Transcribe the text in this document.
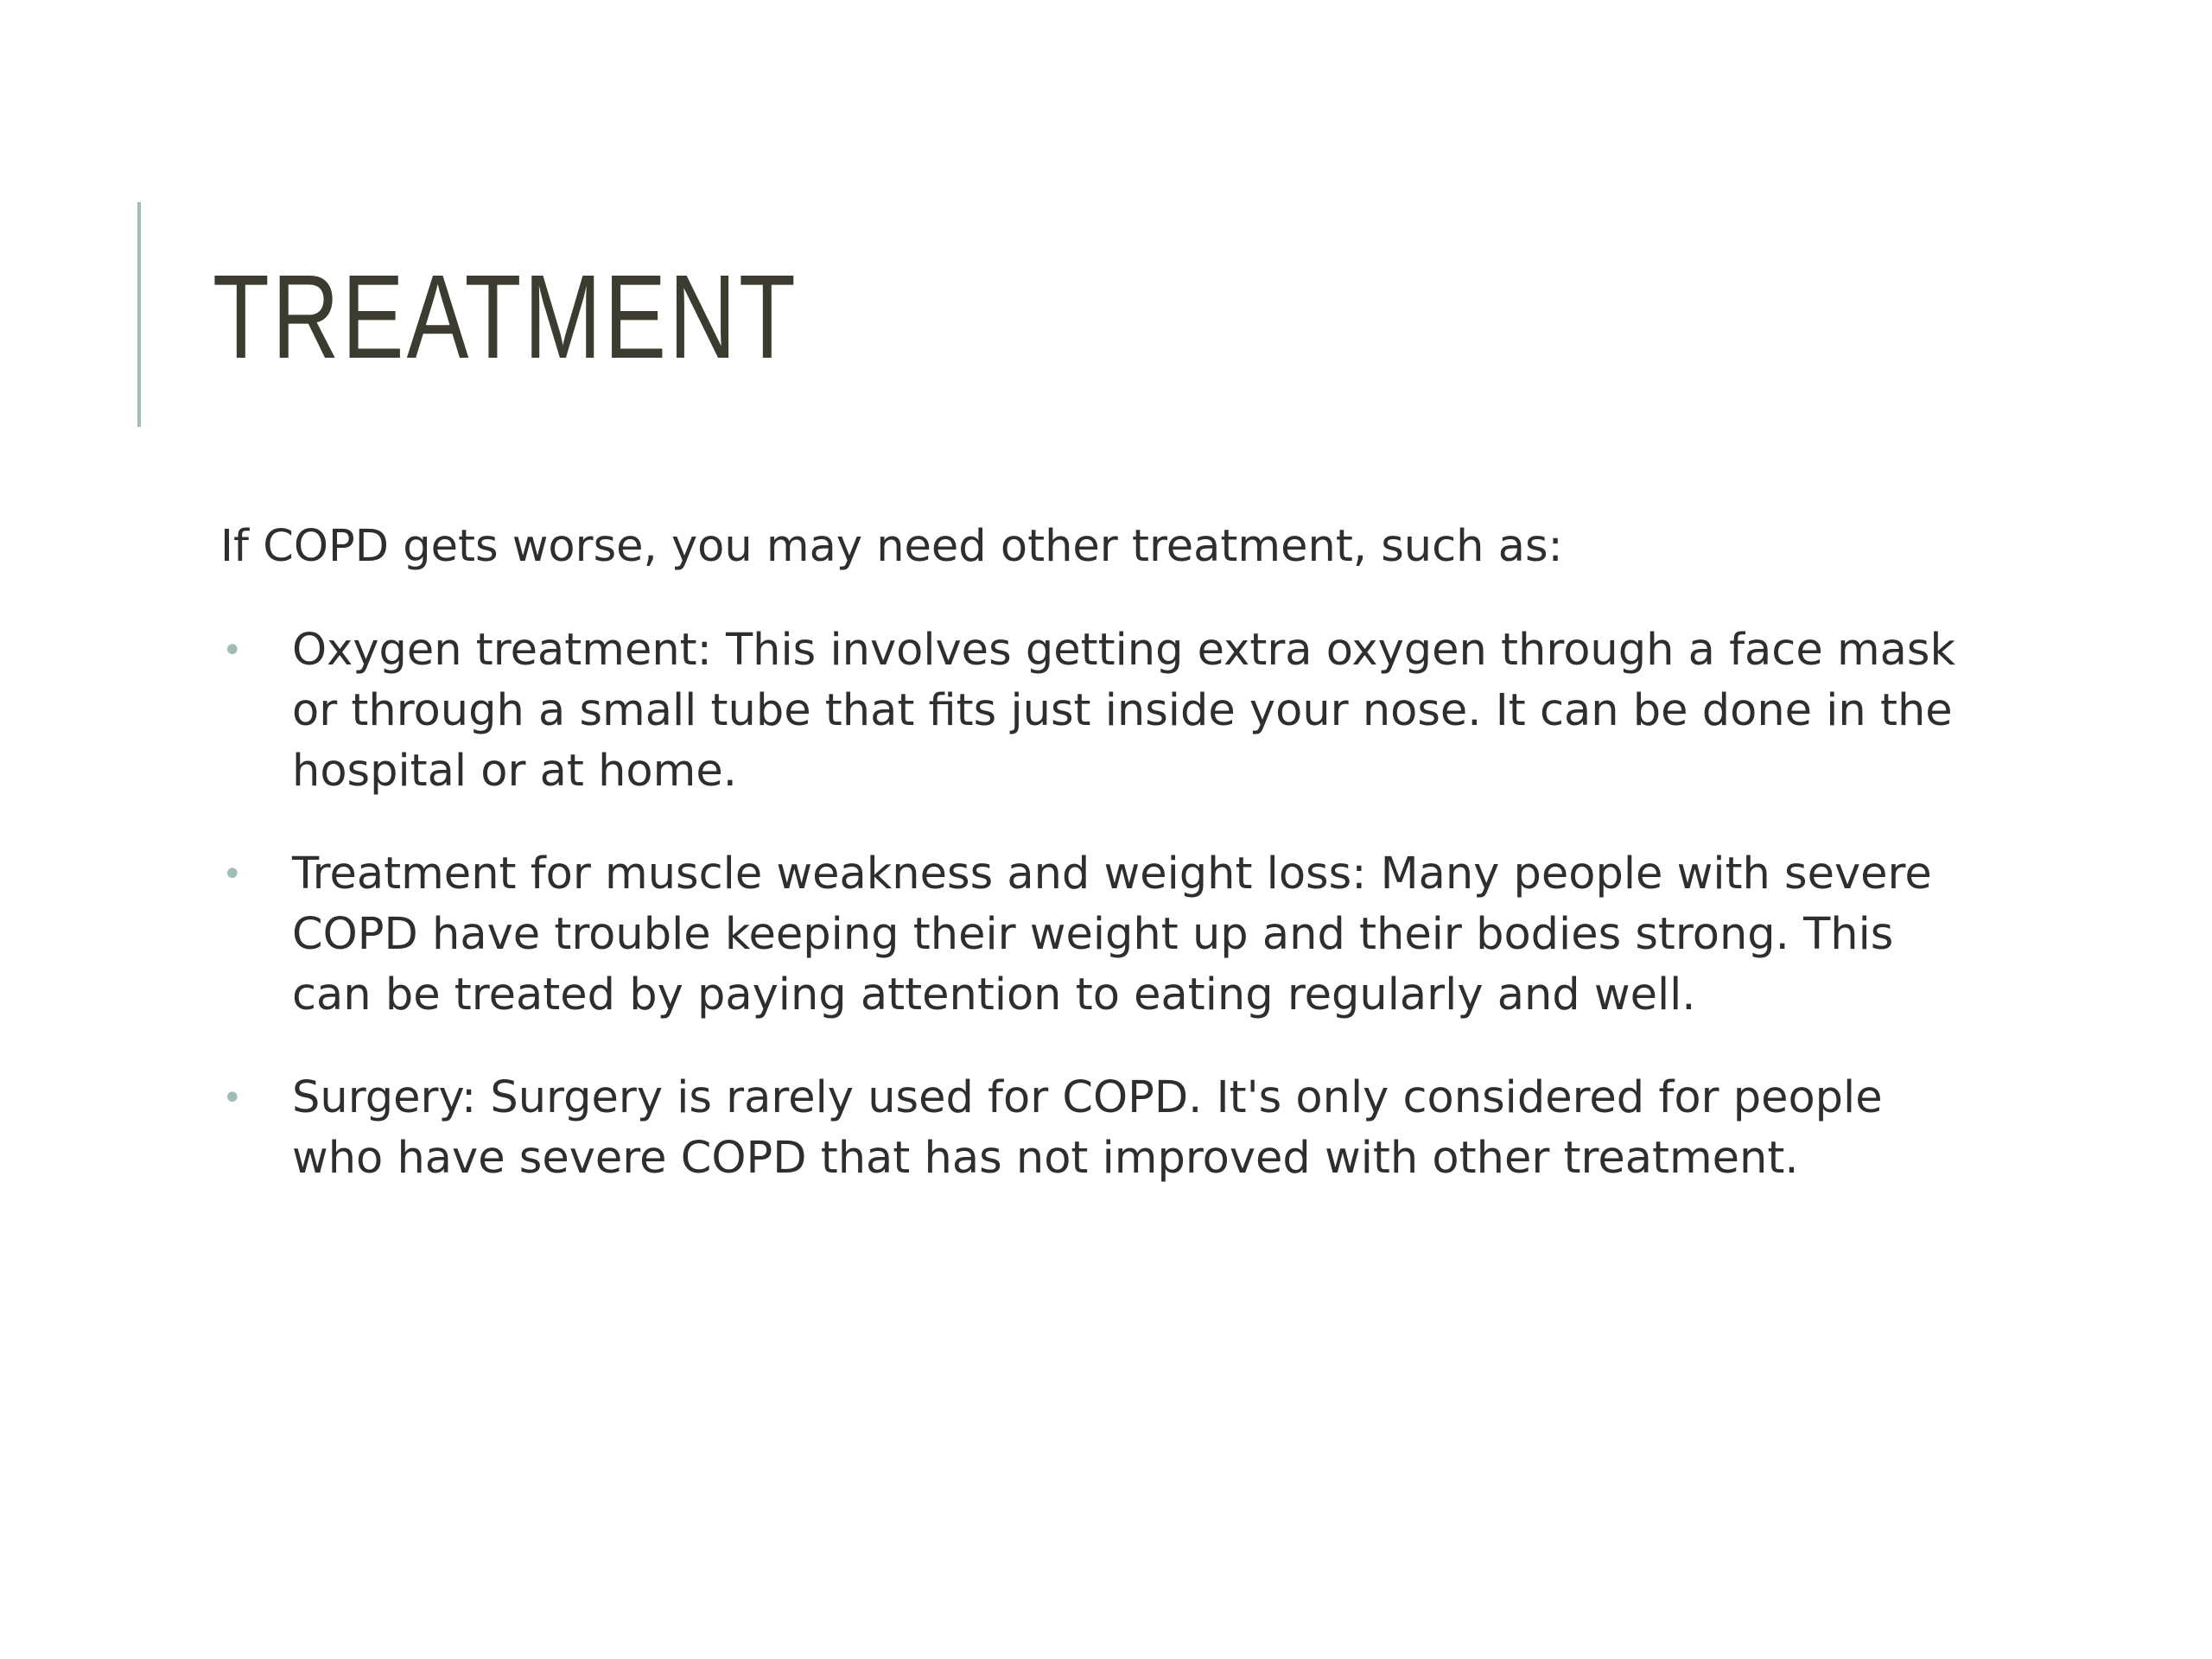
TREATMENT

If COPD gets worse, you may need other treatment, such as:

• Oxygen treatment: This involves getting extra oxygen through a face mask or through a small tube that fits just inside your nose. It can be done in the hospital or at home.
• Treatment for muscle weakness and weight loss: Many people with severe COPD have trouble keeping their weight up and their bodies strong. This can be treated by paying attention to eating regularly and well.
• Surgery: Surgery is rarely used for COPD. It's only considered for people who have severe COPD that has not improved with other treatment.
